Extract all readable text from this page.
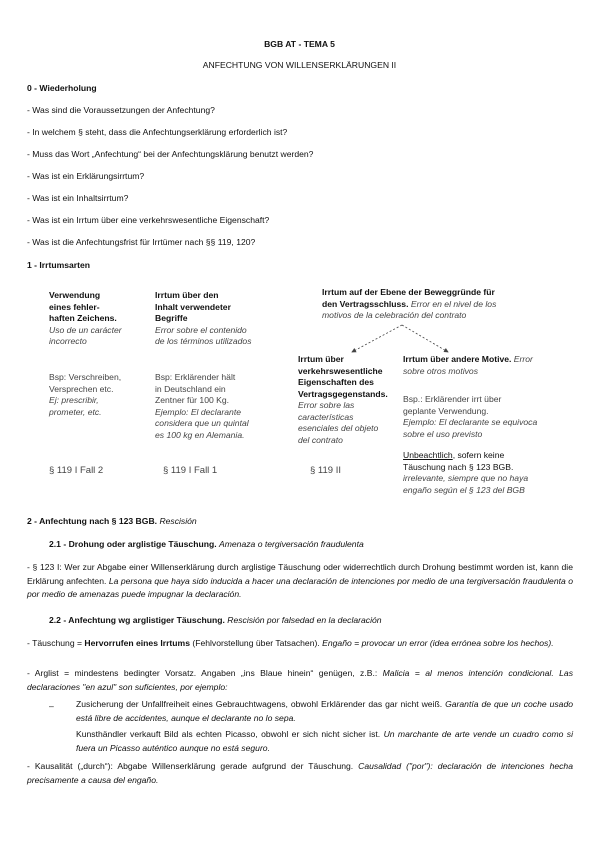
BGB AT - TEMA 5
ANFECHTUNG VON WILLENSERKLÄRUNGEN II
0 - Wiederholung
- Was sind die Voraussetzungen der Anfechtung?
- In welchem § steht, dass die Anfechtungserklärung erforderlich ist?
- Muss das Wort „Anfechtung“ bei der Anfechtungsklärung benutzt werden?
- Was ist ein Erklärungsirrtum?
- Was ist ein Inhaltsirrtum?
- Was ist ein Irrtum über eine verkehrswesentliche Eigenschaft?
- Was ist die Anfechtungsfrist für Irrtümer nach §§ 119, 120?
1 - Irrtumsarten
Verwendung
eines fehler-
haften Zeichens.
Uso de un carácter
incorrecto
Bsp: Verschreiben,
Versprechen etc.
Ej: prescribir,
prometer, etc.
§ 119 I Fall 2
Irrtum über den
Inhalt verwendeter
Begriffe
Error sobre el contenido
de los términos utilizados
Bsp: Erklärender hält
in Deutschland ein
Zentner für 100 Kg.
Ejemplo: El declarante
considera que un quintal
es 100 kg en Alemania.
§ 119 I Fall 1
Irrtum auf der Ebene der Beweggründe für
den Vertragsschluss. Error en el nivel de los
motivos de la celebración del contrato
Irrtum über
verkehrswesentliche
Eigenschaften des
Vertragsgegenstands.
Error sobre las
características
esenciales del objeto
del contrato
§ 119 II
Irrtum über andere Motive. Error
sobre otros motivos
Bsp.: Erklärender irrt über
geplante Verwendung.
Ejemplo: El declarante se equivoca
sobre el uso previsto
Unbeachtlich, sofern keine
Täuschung nach § 123 BGB.
irrelevante, siempre que no haya
engaño según el § 123 del BGB
2 - Anfechtung nach § 123 BGB. Rescisión
2.1 - Drohung oder arglistige Täuschung. Amenaza o tergiversación fraudulenta
- § 123 I: Wer zur Abgabe einer Willenserklärung durch arglistige Täuschung oder widerrechtlich durch Drohung bestimmt worden ist, kann die Erklärung anfechten. La persona que haya sido inducida a hacer una declaración de intenciones por medio de una tergiversación fraudulenta o por medio de amenazas puede impugnar la declaración.
2.2 - Anfechtung wg arglistiger Täuschung. Rescisión por falsedad en la declaración
- Täuschung = Hervorrufen eines Irrtums (Fehlvorstellung über Tatsachen). Engaño = provocar un error (idea errónea sobre los hechos).
- Arglist = mindestens bedingter Vorsatz. Angaben „ins Blaue hinein“ genügen, z.B.: Malicia = al menos intención condicional. Las declaraciones "en azul" son suficientes, por ejemplo:
–	Zusicherung der Unfallfreiheit eines Gebrauchtwagens, obwohl Erklärender das gar nicht weiß. Garantía de que un coche usado está libre de accidentes, aunque el declarante no lo sepa.
Kunsthändler verkauft Bild als echten Picasso, obwohl er sich nicht sicher ist. Un marchante de arte vende un cuadro como si fuera un Picasso auténtico aunque no está seguro.
- Kausalität („durch“): Abgabe Willenserklärung gerade aufgrund der Täuschung. Causalidad ("por"): declaración de intenciones hecha precisamente a causa del engaño.
